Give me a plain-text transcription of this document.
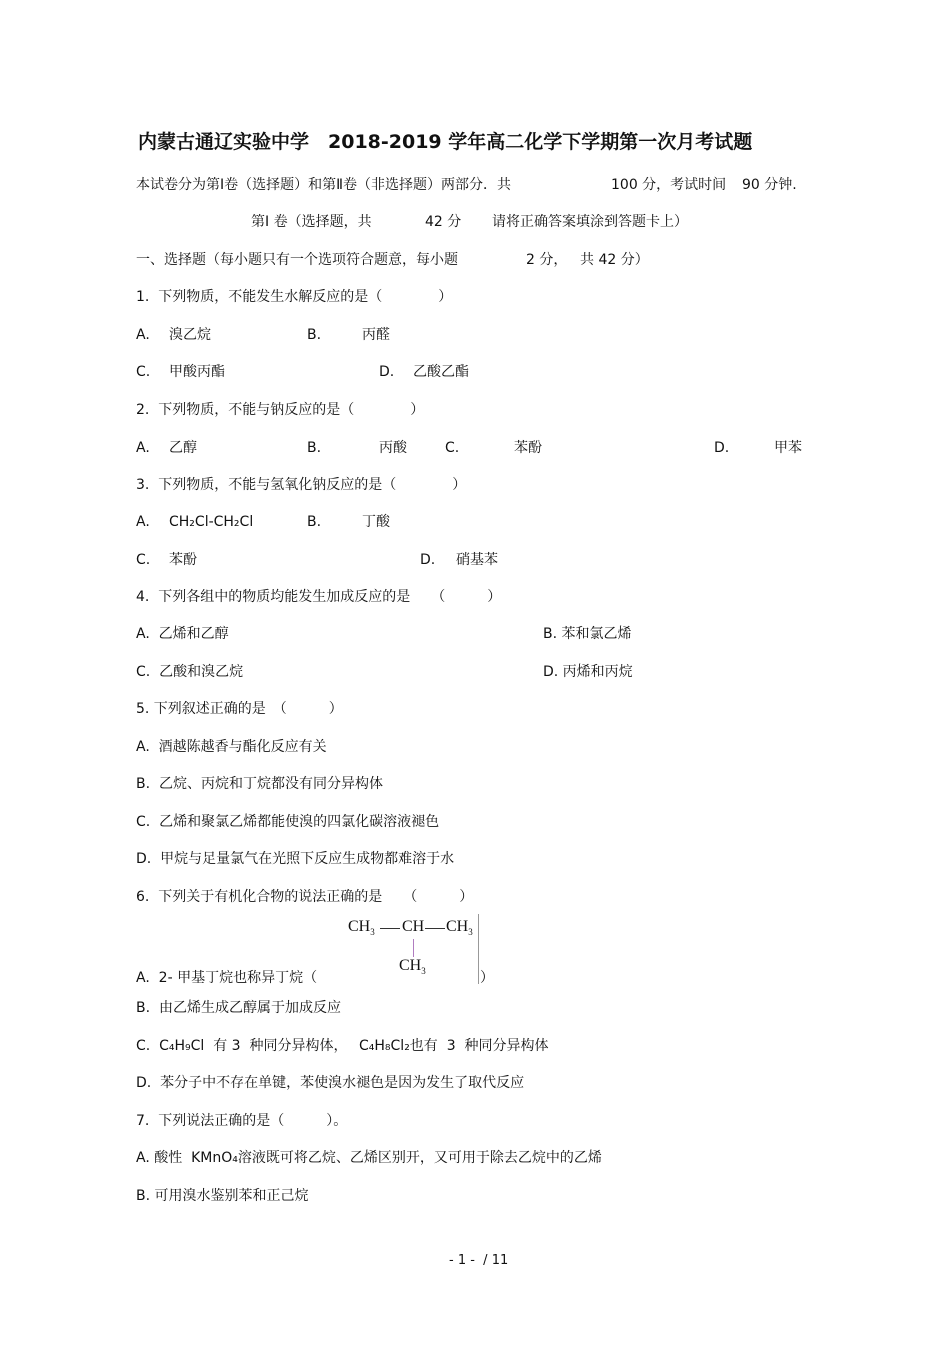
内蒙古通辽实验中学　2018-2019 学年高二化学下学期第一次月考试题
本试卷分为第Ⅰ卷（选择题）和第Ⅱ卷（非选择题）两部分．共	100 分，考试时间 90 分钟.
第Ⅰ 卷（选择题，共	42 分 请将正确答案填涂到答题卡上）
一、选择题（每小题只有一个选项符合题意，每小题	2 分， 共 42 分）
1.  下列物质，不能发生水解反应的是（　　　　）
A. 溴乙烷	B.	丙醛
C. 甲酸丙酯	D. 乙酸乙酯
2.  下列物质，不能与钠反应的是（　　　　）
A. 乙醇	B.	丙酸	C.	苯酚	D.	甲苯
3.  下列物质，不能与氢氧化钠反应的是（　　　　）
A. CH₂Cl-CH₂Cl	B.	丁酸
C. 苯酚	D. 硝基苯
4.  下列各组中的物质均能发生加成反应的是　　（　　　）
A.  乙烯和乙醇	B. 苯和氯乙烯
C.  乙酸和溴乙烷	D. 丙烯和丙烷
5. 下列叙述正确的是　（　　　）
A.  酒越陈越香与酯化反应有关
B.  乙烷、丙烷和丁烷都没有同分异构体
C.  乙烯和聚氯乙烯都能使溴的四氯化碳溶液褪色
D.  甲烷与足量氯气在光照下反应生成物都难溶于水
6.  下列关于有机化合物的说法正确的是　　（　　　）
$CH_3$ CH $CH_3$
$CH_3$
A.  2- 甲基丁烷也称异丁烷（	）
B.  由乙烯生成乙醇属于加成反应
C.  C₄H₉Cl  有 3  种同分异构体， C₄H₈Cl₂也有  3  种同分异构体
D.  苯分子中不存在单键，苯使溴水褪色是因为发生了取代反应
7.  下列说法正确的是（　　　）。
A. 酸性  KMnO₄溶液既可将乙烷、乙烯区别开，又可用于除去乙烷中的乙烯
B. 可用溴水鉴别苯和正己烷
- 1 -  / 11
